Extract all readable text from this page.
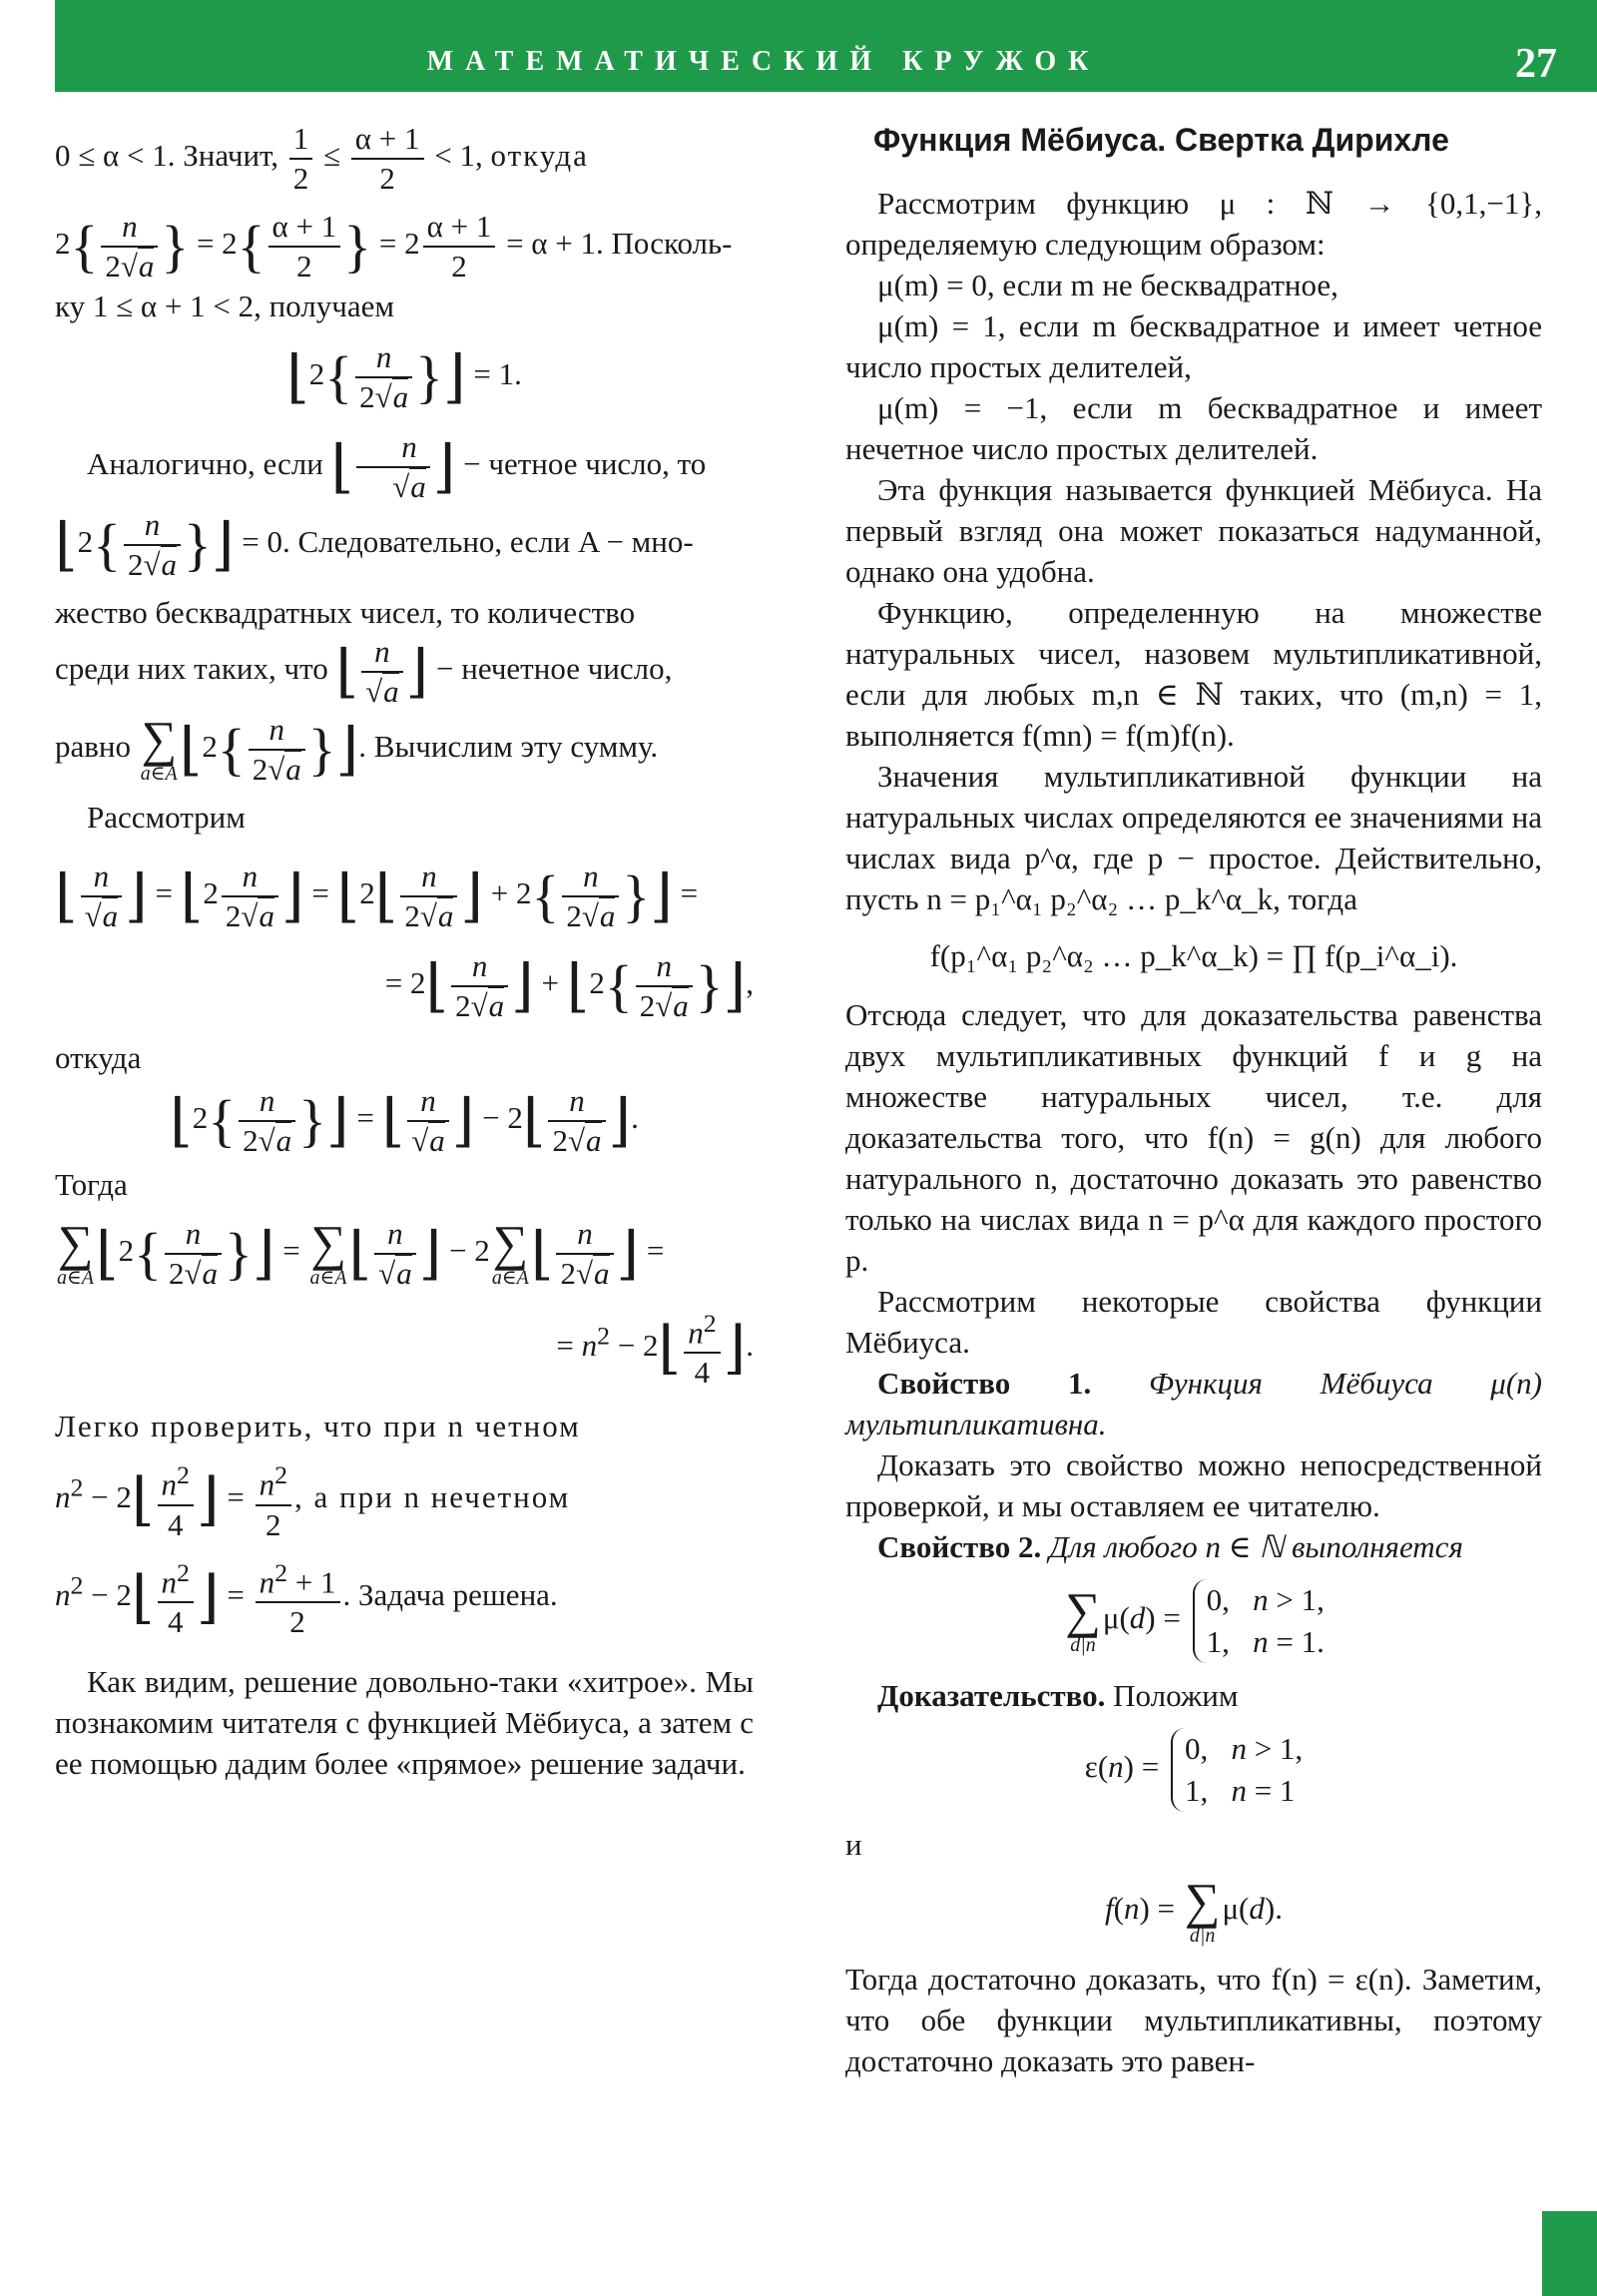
МАТЕМАТИЧЕСКИЙ КРУЖОК	27

0 ≤ α < 1. Значит, $\frac{1}{2} \le \frac{\alpha + 1}{2} < 1$, откуда

$2\{ \frac{n}{2√a}$ } = $2\{ \frac{\alpha + 1}{2}$ } = $2 \frac{\alpha + 1}{2} = \alpha + 1$. Посколь-

ку 1 ≤ α + 1 < 2, получаем

⌊2{ $\frac{n}{2√a}$ }⌋ = 1.

Аналогично, если ⌊ $\frac{n}{√a}$ ⌋ − четное число, то

⌊2{ $\frac{n}{2√a}$ }⌋ = 0. Следовательно, если A − мно-

жество бесквадратных чисел, то количество

среди них таких, что ⌊ $\frac{n}{√a}$ ⌋ − нечетное число,

равно ∑
a∈A ⌊2{ $\frac{n}{2√a}$ }⌋. Вычислим эту сумму.

Рассмотрим

⌊ $\frac{n}{√a}$ ⌋ = ⌊2 $\frac{n}{2√a}$ ⌋ = ⌊2⌊ $\frac{n}{2√a}$ ⌋ + $2\{ \frac{n}{2√a}$ }⌋ =
= 2⌊ $\frac{n}{2√a}$ ⌋ + ⌊2{ $\frac{n}{2√a}$ }⌋,

откуда

⌊2{ $\frac{n}{2√a}$ }⌋ = ⌊ $\frac{n}{√a}$ ⌋ − 2⌊ $\frac{n}{2√a}$ ⌋.

Тогда

∑
a∈A ⌊2{ $\frac{n}{2√a}$ }⌋ = ∑
a∈A ⌊ $\frac{n}{√a}$ ⌋ − 2 ∑
a∈A ⌊ $\frac{n}{2√a}$ ⌋ =
= $n^2$ − 2⌊ $\frac{n^2}{4}$ ⌋.

Легко проверить, что при n четном

$n^2$ − 2⌊ $\frac{n^2}{4}$ ⌋ = $\frac{n^2}{2}$ , а при n нечетном

$n^2$ − 2⌊ $\frac{n^2}{4}$ ⌋ = $\frac{n^2 + 1}{2}$ . Задача решена.

Как видим, решение довольно-таки «хитрое». Мы познакомим читателя с функцией Мёбиуса, а затем с ее помощью дадим более «прямое» решение задачи.

Функция Мёбиуса. Свертка Дирихле

Рассмотрим функцию μ : ℕ → {0,1,−1}, определяемую следующим образом:

μ(m) = 0, если m не бесквадратное,

μ(m) = 1, если m бесквадратное и имеет четное число простых делителей,

μ(m) = −1, если m бесквадратное и имеет нечетное число простых делителей.

Эта функция называется функцией Мёбиуса. На первый взгляд она может показаться надуманной, однако она удобна.

Функцию, определенную на множестве натуральных чисел, назовем мультипликативной, если для любых m,n ∈ ℕ таких, что (m,n) = 1, выполняется f(mn) = f(m)f(n).

Значения мультипликативной функции на натуральных числах определяются ее значениями на числах вида p^α, где p − простое. Действительно, пусть n = p₁^α₁ p₂^α₂ … p_k^α_k, тогда

f(p₁^α₁ p₂^α₂ … p_k^α_k) = ∏ f(p_i^α_i).

Отсюда следует, что для доказательства равенства двух мультипликативных функций f и g на множестве натуральных чисел, т.е. для доказательства того, что f(n) = g(n) для любого натурального n, достаточно доказать это равенство только на числах вида n = p^α для каждого простого p.

Рассмотрим некоторые свойства функции Мёбиуса.

Свойство 1. Функция Мёбиуса μ(n) мультипликативна.

Доказать это свойство можно непосредственной проверкой, и мы оставляем ее читателю.

Свойство 2. Для любого n ∈ ℕ выполняется

∑
d|n
μ(d) =
0,   n > 1,
1,   n = 1.

Доказательство. Положим

ε(n) =
0,   n > 1,
1,   n = 1

и

f(n) = ∑
d|n
μ(d).

Тогда достаточно доказать, что f(n) = ε(n). Заметим, что обе функции мультипликативны, поэтому достаточно доказать это равен-
